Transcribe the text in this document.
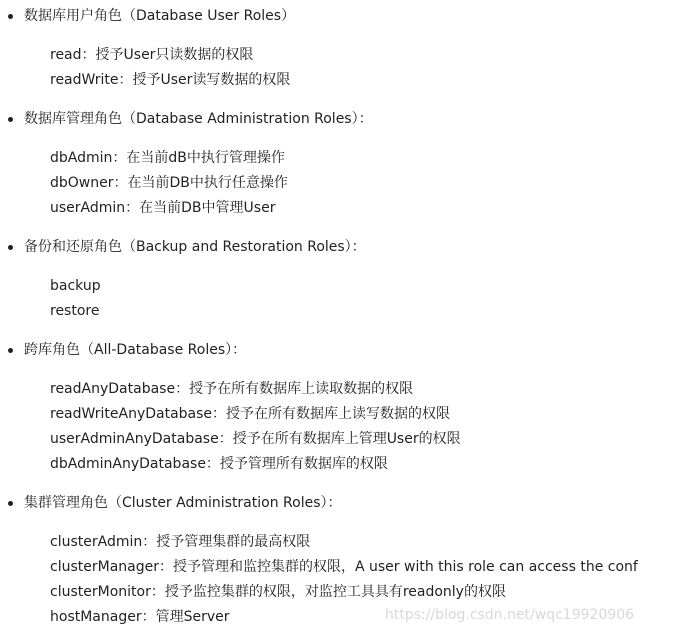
数据库用户角色（Database User Roles）
read：授予User只读数据的权限
readWrite：授予User读写数据的权限
数据库管理角色（Database Administration Roles）：
dbAdmin：在当前dB中执行管理操作
dbOwner：在当前DB中执行任意操作
userAdmin：在当前DB中管理User
备份和还原角色（Backup and Restoration Roles）：
backup
restore
跨库角色（All-Database Roles）：
readAnyDatabase：授予在所有数据库上读取数据的权限
readWriteAnyDatabase：授予在所有数据库上读写数据的权限
userAdminAnyDatabase：授予在所有数据库上管理User的权限
dbAdminAnyDatabase：授予管理所有数据库的权限
集群管理角色（Cluster Administration Roles）：
clusterAdmin：授予管理集群的最高权限
clusterManager：授予管理和监控集群的权限，A user with this role can access the conf
clusterMonitor：授予监控集群的权限，对监控工具具有readonly的权限
hostManager：管理Server	https://blog.csdn.net/wqc19920906
